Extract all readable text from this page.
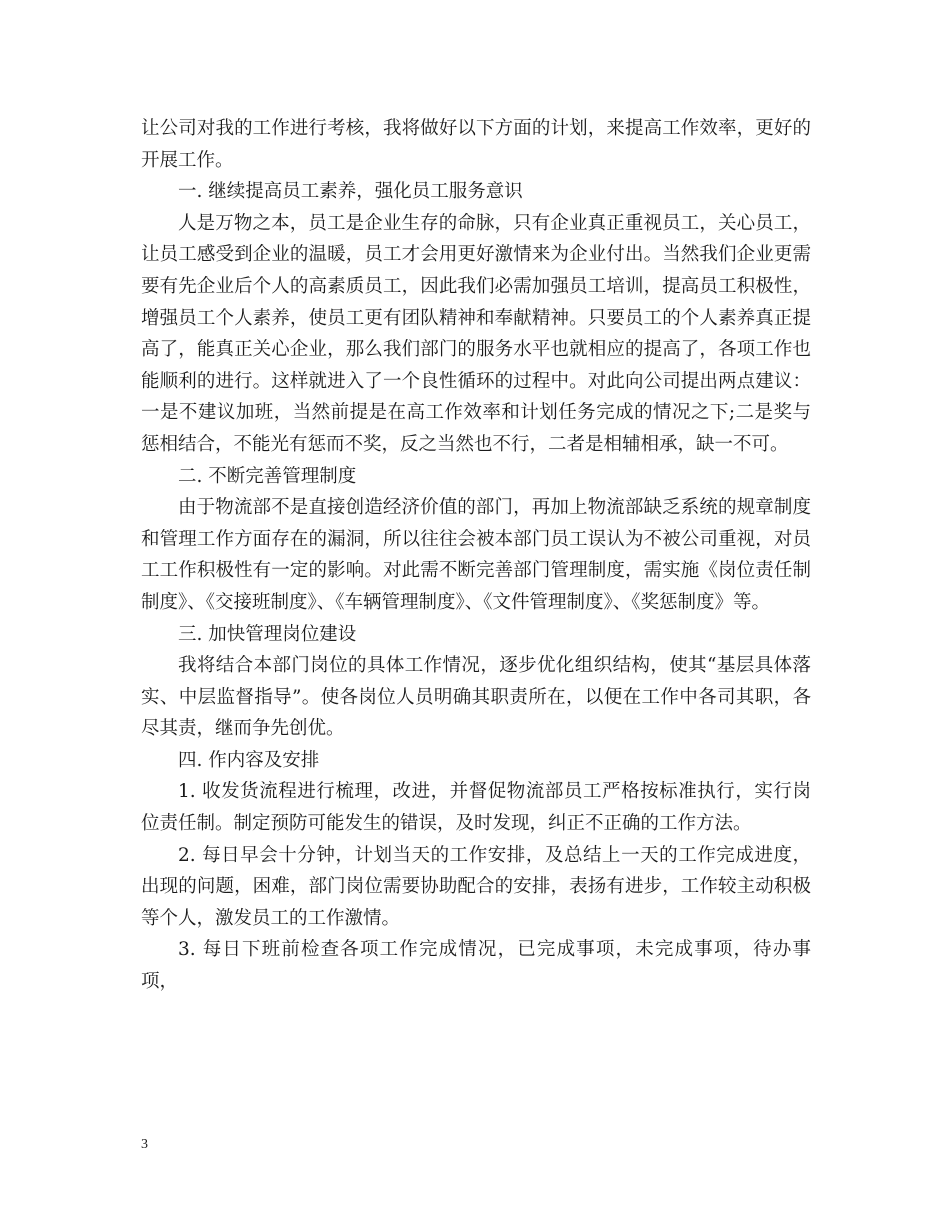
让公司对我的工作进行考核，我将做好以下方面的计划，来提高工作效率，更好的开展工作。

一. 继续提高员工素养，强化员工服务意识

人是万物之本，员工是企业生存的命脉，只有企业真正重视员工，关心员工，让员工感受到企业的温暖，员工才会用更好激情来为企业付出。当然我们企业更需要有先企业后个人的高素质员工，因此我们必需加强员工培训，提高员工积极性，增强员工个人素养，使员工更有团队精神和奉献精神。只要员工的个人素养真正提高了，能真正关心企业，那么我们部门的服务水平也就相应的提高了，各项工作也能顺利的进行。这样就进入了一个良性循环的过程中。对此向公司提出两点建议：一是不建议加班，当然前提是在高工作效率和计划任务完成的情况之下;二是奖与惩相结合，不能光有惩而不奖，反之当然也不行，二者是相辅相承，缺一不可。

二. 不断完善管理制度

由于物流部不是直接创造经济价值的部门，再加上物流部缺乏系统的规章制度和管理工作方面存在的漏洞，所以往往会被本部门员工误认为不被公司重视，对员工工作积极性有一定的影响。对此需不断完善部门管理制度，需实施《岗位责任制制度》、《交接班制度》、《车辆管理制度》、《文件管理制度》、《奖惩制度》等。

三. 加快管理岗位建设

我将结合本部门岗位的具体工作情况，逐步优化组织结构，使其“基层具体落实、中层监督指导”。使各岗位人员明确其职责所在，以便在工作中各司其职，各尽其责，继而争先创优。

四. 作内容及安排

1. 收发货流程进行梳理，改进，并督促物流部员工严格按标准执行，实行岗位责任制。制定预防可能发生的错误，及时发现，纠正不正确的工作方法。

2. 每日早会十分钟，计划当天的工作安排，及总结上一天的工作完成进度，出现的问题，困难，部门岗位需要协助配合的安排，表扬有进步，工作较主动积极等个人，激发员工的工作激情。

3. 每日下班前检查各项工作完成情况，已完成事项，未完成事项，待办事项，

3
